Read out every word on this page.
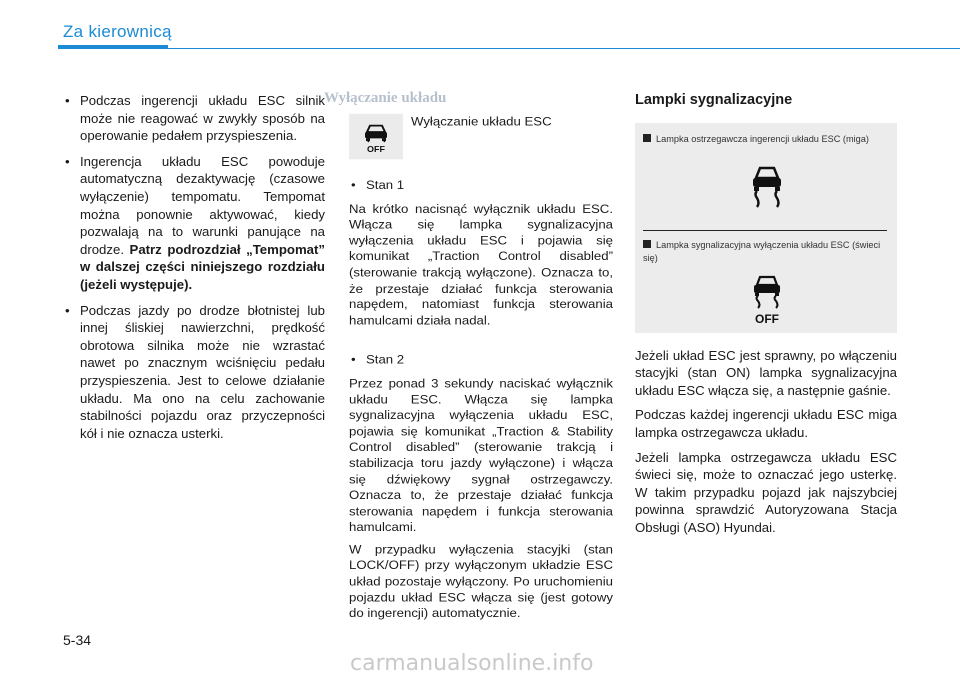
Za kierownicą
• Podczas ingerencji układu ESC silnik może nie reagować w zwykły sposób na operowanie pedałem przyspieszenia.
• Ingerencja układu ESC powoduje automatyczną dezaktywację (czasowe wyłączenie) tempomatu. Tempomat można ponownie aktywować, kiedy pozwalają na to warunki panujące na drodze. Patrz podrozdział „Tempomat” w dalszej części niniejszego rozdziału (jeżeli występuje).
• Podczas jazdy po drodze błotnistej lub innej śliskiej nawierzchni, prędkość obrotowa silnika może nie wzrastać nawet po znacznym wciśnięciu pedału przyspieszenia. Jest to celowe działanie układu. Ma ono na celu zachowanie stabilności pojazdu oraz przyczepności kół i nie oznacza usterki.
Wyłączanie układu
OFF
Wyłączanie układu ESC
• Stan 1

Na krótko nacisnąć wyłącznik układu ESC. Włącza się lampka sygnalizacyjna wyłączenia układu ESC i pojawia się komunikat „Traction Control disabled” (sterowanie trakcją wyłączone). Oznacza to, że przestaje działać funkcja sterowania napędem, natomiast funkcja sterowania hamulcami działa nadal.

• Stan 2

Przez ponad 3 sekundy naciskać wyłącznik układu ESC. Włącza się lampka sygnalizacyjna wyłączenia układu ESC, pojawia się komunikat „Traction & Stability Control disabled” (sterowanie trakcją i stabilizacja toru jazdy wyłączone) i włącza się dźwiękowy sygnał ostrzegawczy. Oznacza to, że przestaje działać funkcja sterowania napędem i funkcja sterowania hamulcami.

W przypadku wyłączenia stacyjki (stan LOCK/OFF) przy wyłączonym układzie ESC układ pozostaje wyłączony. Po uruchomieniu pojazdu układ ESC włącza się (jest gotowy do ingerencji) automatycznie.

Lampki sygnalizacyjne
Lampka ostrzegawcza ingerencji układu ESC (miga)
Lampka sygnalizacyjna wyłączenia układu ESC (świeci się)
OFF

Jeżeli układ ESC jest sprawny, po włączeniu stacyjki (stan ON) lampka sygnalizacyjna układu ESC włącza się, a następnie gaśnie.

Podczas każdej ingerencji układu ESC miga lampka ostrzegawcza układu.

Jeżeli lampka ostrzegawcza układu ESC świeci się, może to oznaczać jego usterkę. W takim przypadku pojazd jak najszybciej powinna sprawdzić Autoryzowana Stacja Obsługi (ASO) Hyundai.

5-34
carmanualsonline.info
